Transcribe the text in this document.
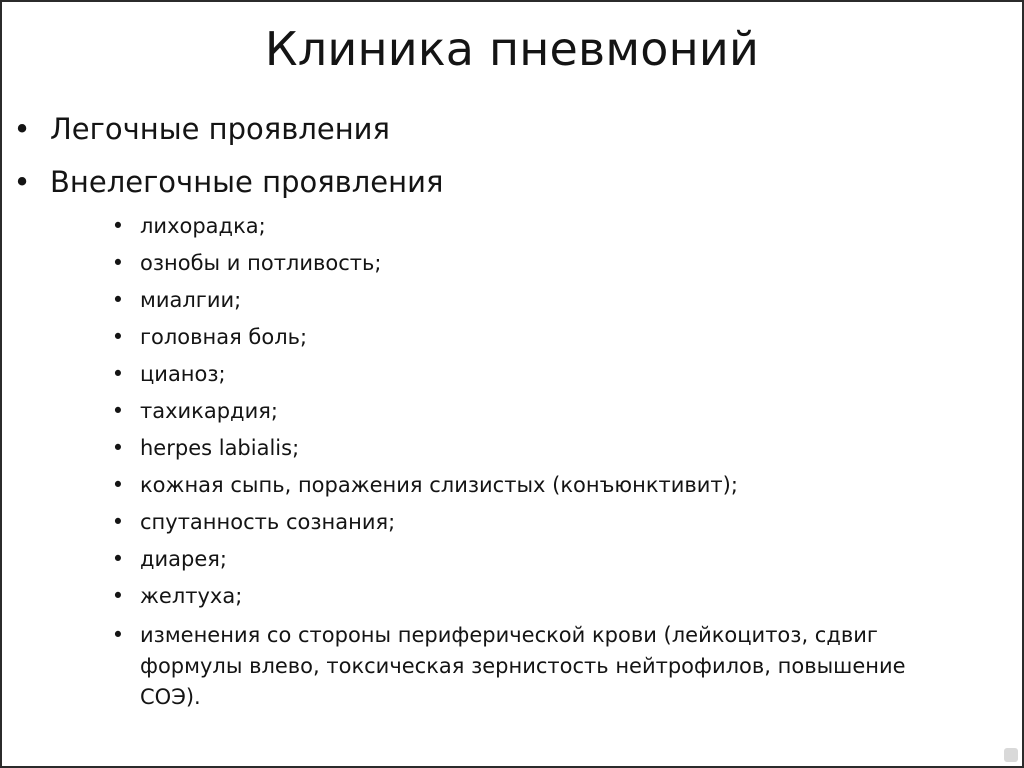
Клиника пневмоний
• Легочные проявления
• Внелегочные проявления
• лихорадка;
• ознобы и потливость;
• миалгии;
• головная боль;
• цианоз;
• тахикардия;
• herpes labialis;
• кожная сыпь, поражения слизистых (конъюнктивит);
• спутанность сознания;
• диарея;
• желтуха;
• изменения со стороны периферической крови (лейкоцитоз, сдвиг формулы влево, токсическая зернистость нейтрофилов, повышение СОЭ).
